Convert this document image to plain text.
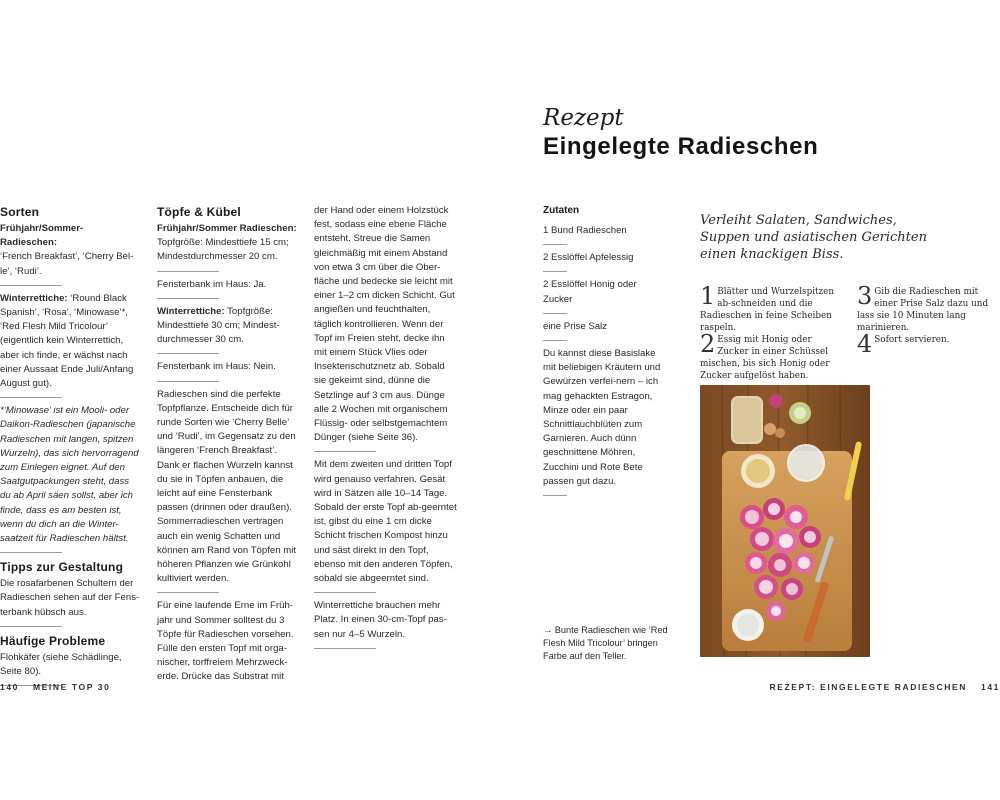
Sorten

Frühjahr/Sommer-Radieschen:
‘French Breakfast’, ‘Cherry Bel-le’, ‘Rudi’.

Winterrettiche: ‘Round Black Spanish’, ‘Rosa’, ‘Minowase’*, ‘Red Flesh Mild Tricolour’ (eigentlich kein Winterrettich, aber ich finde, er wächst nach einer Aussaat Ende Juli/Anfang August gut).

*‘Minowase’ ist ein Mooli- oder Daikon-Radieschen (japanische Radieschen mit langen, spitzen Wurzeln), das sich hervorragend zum Einlegen eignet. Auf den Saatgutpackungen steht, dass du ab April säen sollst, aber ich finde, dass es am besten ist, wenn du dich an die Winter-saatzeit für Radieschen hältst.

Tipps zur Gestaltung

Die rosafarbenen Schultern der Radieschen sehen auf der Fens-terbank hübsch aus.

Häufige Probleme

Flohkäfer (siehe Schädlinge, Seite 80).

Töpfe & Kübel

Frühjahr/Sommer Radieschen:
Topfgröße: Mindesttiefe 15 cm; Mindestdurchmesser 20 cm.

Fensterbank im Haus: Ja.

Winterrettiche: Topfgröße: Mindesttiefe 30 cm; Mindest-durchmesser 30 cm.

Fensterbank im Haus: Nein.

Radieschen sind die perfekte Topfpflanze. Entscheide dich für runde Sorten wie ‘Cherry Belle’ und ‘Rudi’, im Gegensatz zu den längeren ‘French Breakfast’. Dank er flachen Wurzeln kannst du sie in Töpfen anbauen, die leicht auf eine Fensterbank passen (drinnen oder draußen). Sommerradieschen vertragen auch ein wenig Schatten und können am Rand von Töpfen mit höheren Pflanzen wie Grünkohl kultiviert werden.

Für eine laufende Erne im Früh-jahr und Sommer solltest du 3 Töpfe für Radieschen vorsehen. Fülle den ersten Topf mit orga-nischer, torffreiem Mehrzweck-erde. Drücke das Substrat mit

der Hand oder einem Holzstück fest, sodass eine ebene Fläche entsteht. Streue die Samen gleichmäßig mit einem Abstand von etwa 3 cm über die Ober-fläche und bedecke sie leicht mit einer 1–2 cm dicken Schicht. Gut angießen und feuchthalten, täglich kontrollieren. Wenn der Topf im Freien steht, decke ihn mit einem Stück Vlies oder Insektenschutznetz ab. Sobald sie gekeimt sind, dünne die Setzlinge auf 3 cm aus. Dünge alle 2 Wochen mit organischem Flüssig- oder selbstgemachtem Dünger (siehe Seite 36).

Mit dem zweiten und dritten Topf wird genauso verfahren. Gesät wird in Sätzen alle 10–14 Tage. Sobald der erste Topf ab-geerntet ist, gibst du eine 1 cm dicke Schicht frischen Kompost hinzu und säst direkt in den Topf, ebenso mit den anderen Töpfen, sobald sie abgeerntet sind.

Winterrettiche brauchen mehr Platz. In einen 30-cm-Topf pas-sen nur 4–5 Wurzeln.

140 MEINE TOP 30
Rezept
Eingelegte Radieschen
Zutaten

1 Bund Radieschen

2 Esslöffel Apfelessig

2 Esslöffel Honig oder Zucker

eine Prise Salz

Du kannst diese Basislake mit beliebigen Kräutern und Gewürzen verfei-nern – ich mag gehackten Estragon, Minze oder ein paar Schnittlauchblüten zum Garnieren. Auch dünn geschnittene Möhren, Zucchini und Rote Bete passen gut dazu.

→ Bunte Radieschen wie ‘Red Flesh Mild Tricolour’ bringen Farbe auf den Teller.

Verleiht Salaten, Sandwiches, Suppen und asiatischen Gerichten einen knackigen Biss.
1 Blätter und Wurzelspitzen ab-schneiden und die Radieschen in feine Scheiben raspeln.
2 Essig mit Honig oder Zucker in einer Schüssel mischen, bis sich Honig oder Zucker aufgelöst haben.
3 Gib die Radieschen mit einer Prise Salz dazu und lass sie 10 Minuten lang marinieren.
4 Sofort servieren.
REZEPT: EINGELEGTE RADIESCHEN 141
